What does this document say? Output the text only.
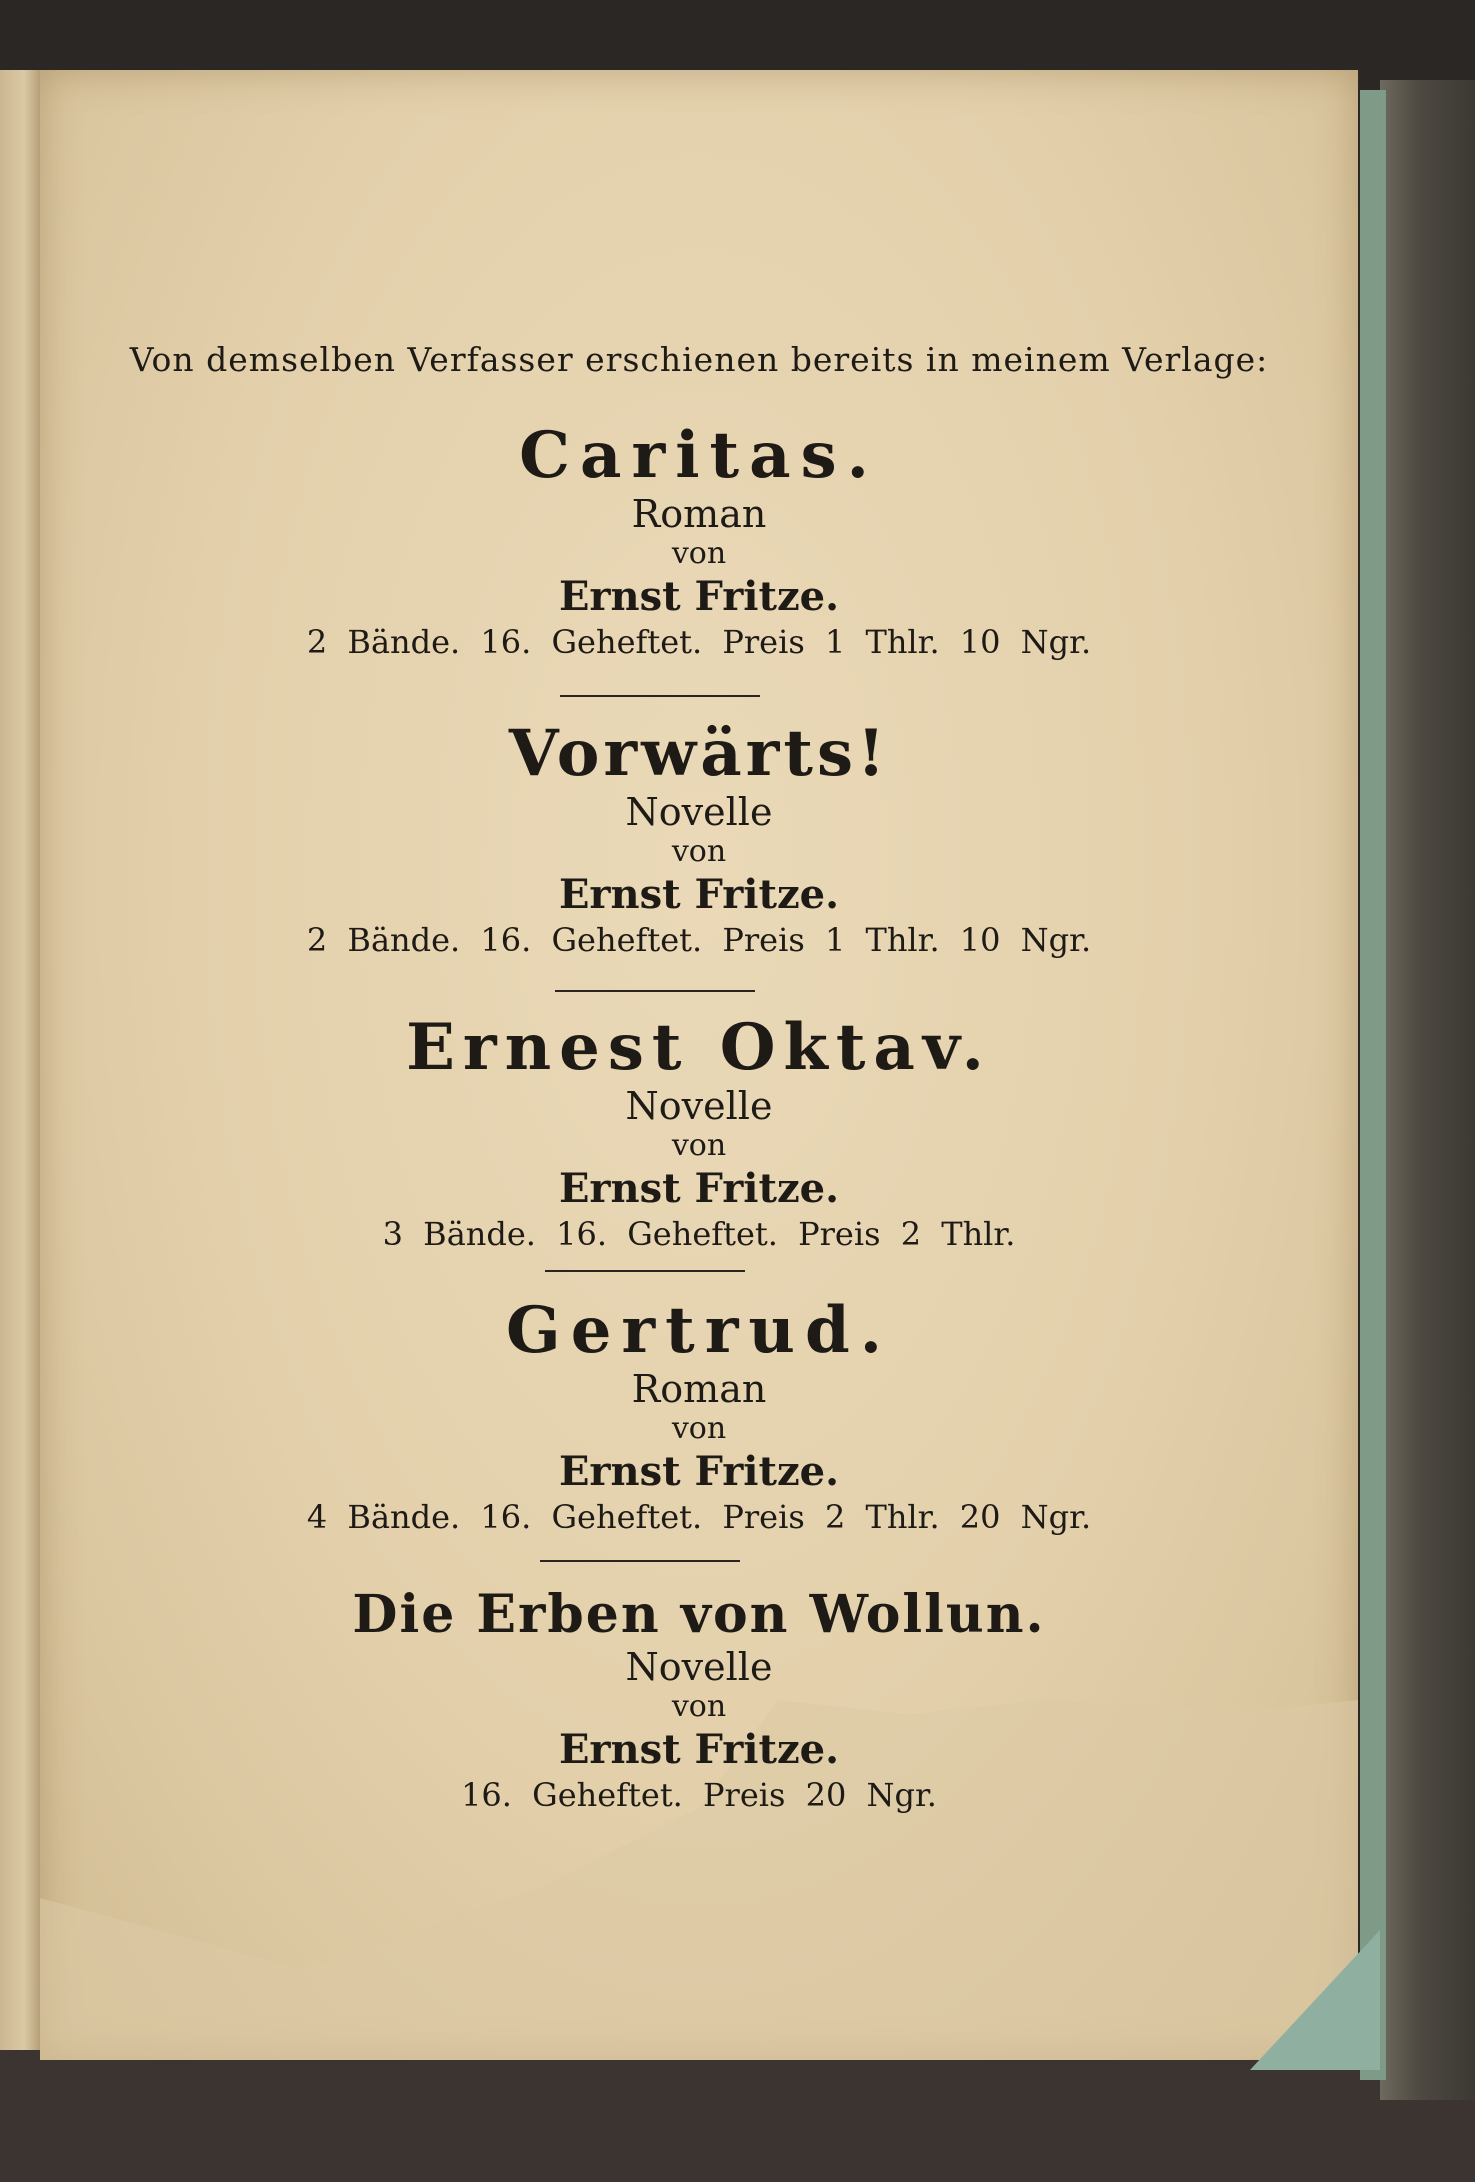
Von demselben Verfasser erschienen bereits in meinem Verlage:
Caritas.
Roman
von
Ernst Fritze.
2 Bände. 16. Geheftet. Preis 1 Thlr. 10 Ngr.
Vorwärts!
Novelle
von
Ernst Fritze.
2 Bände. 16. Geheftet. Preis 1 Thlr. 10 Ngr.
Ernest Oktav.
Novelle
von
Ernst Fritze.
3 Bände. 16. Geheftet. Preis 2 Thlr.
Gertrud.
Roman
von
Ernst Fritze.
4 Bände. 16. Geheftet. Preis 2 Thlr. 20 Ngr.
Die Erben von Wollun.
Novelle
von
Ernst Fritze.
16. Geheftet. Preis 20 Ngr.
